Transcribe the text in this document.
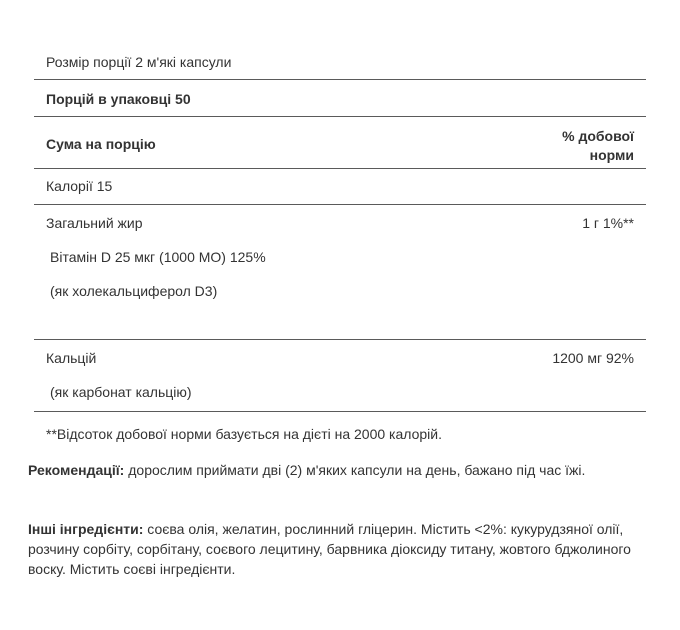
Розмір порції 2 м'які капсули
Порцій в упаковці 50
Сума на порцію	% добової норми
Калорії 15
Загальний жир	1 г 1%**
Вітамін D 25 мкг (1000 МО) 125%
(як холекальциферол D3)
Кальцій	1200 мг 92%
(як карбонат кальцію)
**Відсоток добової норми базується на дієті на 2000 калорій.
Рекомендації: дорослим приймати дві (2) м'яких капсули на день, бажано під час їжі.
Інші інгредієнти: соєва олія, желатин, рослинний гліцерин. Містить <2%: кукурудзяної олії, розчину сорбіту, сорбітану, соєвого лецитину, барвника діоксиду титану, жовтого бджолиного воску. Містить соєві інгредієнти.
